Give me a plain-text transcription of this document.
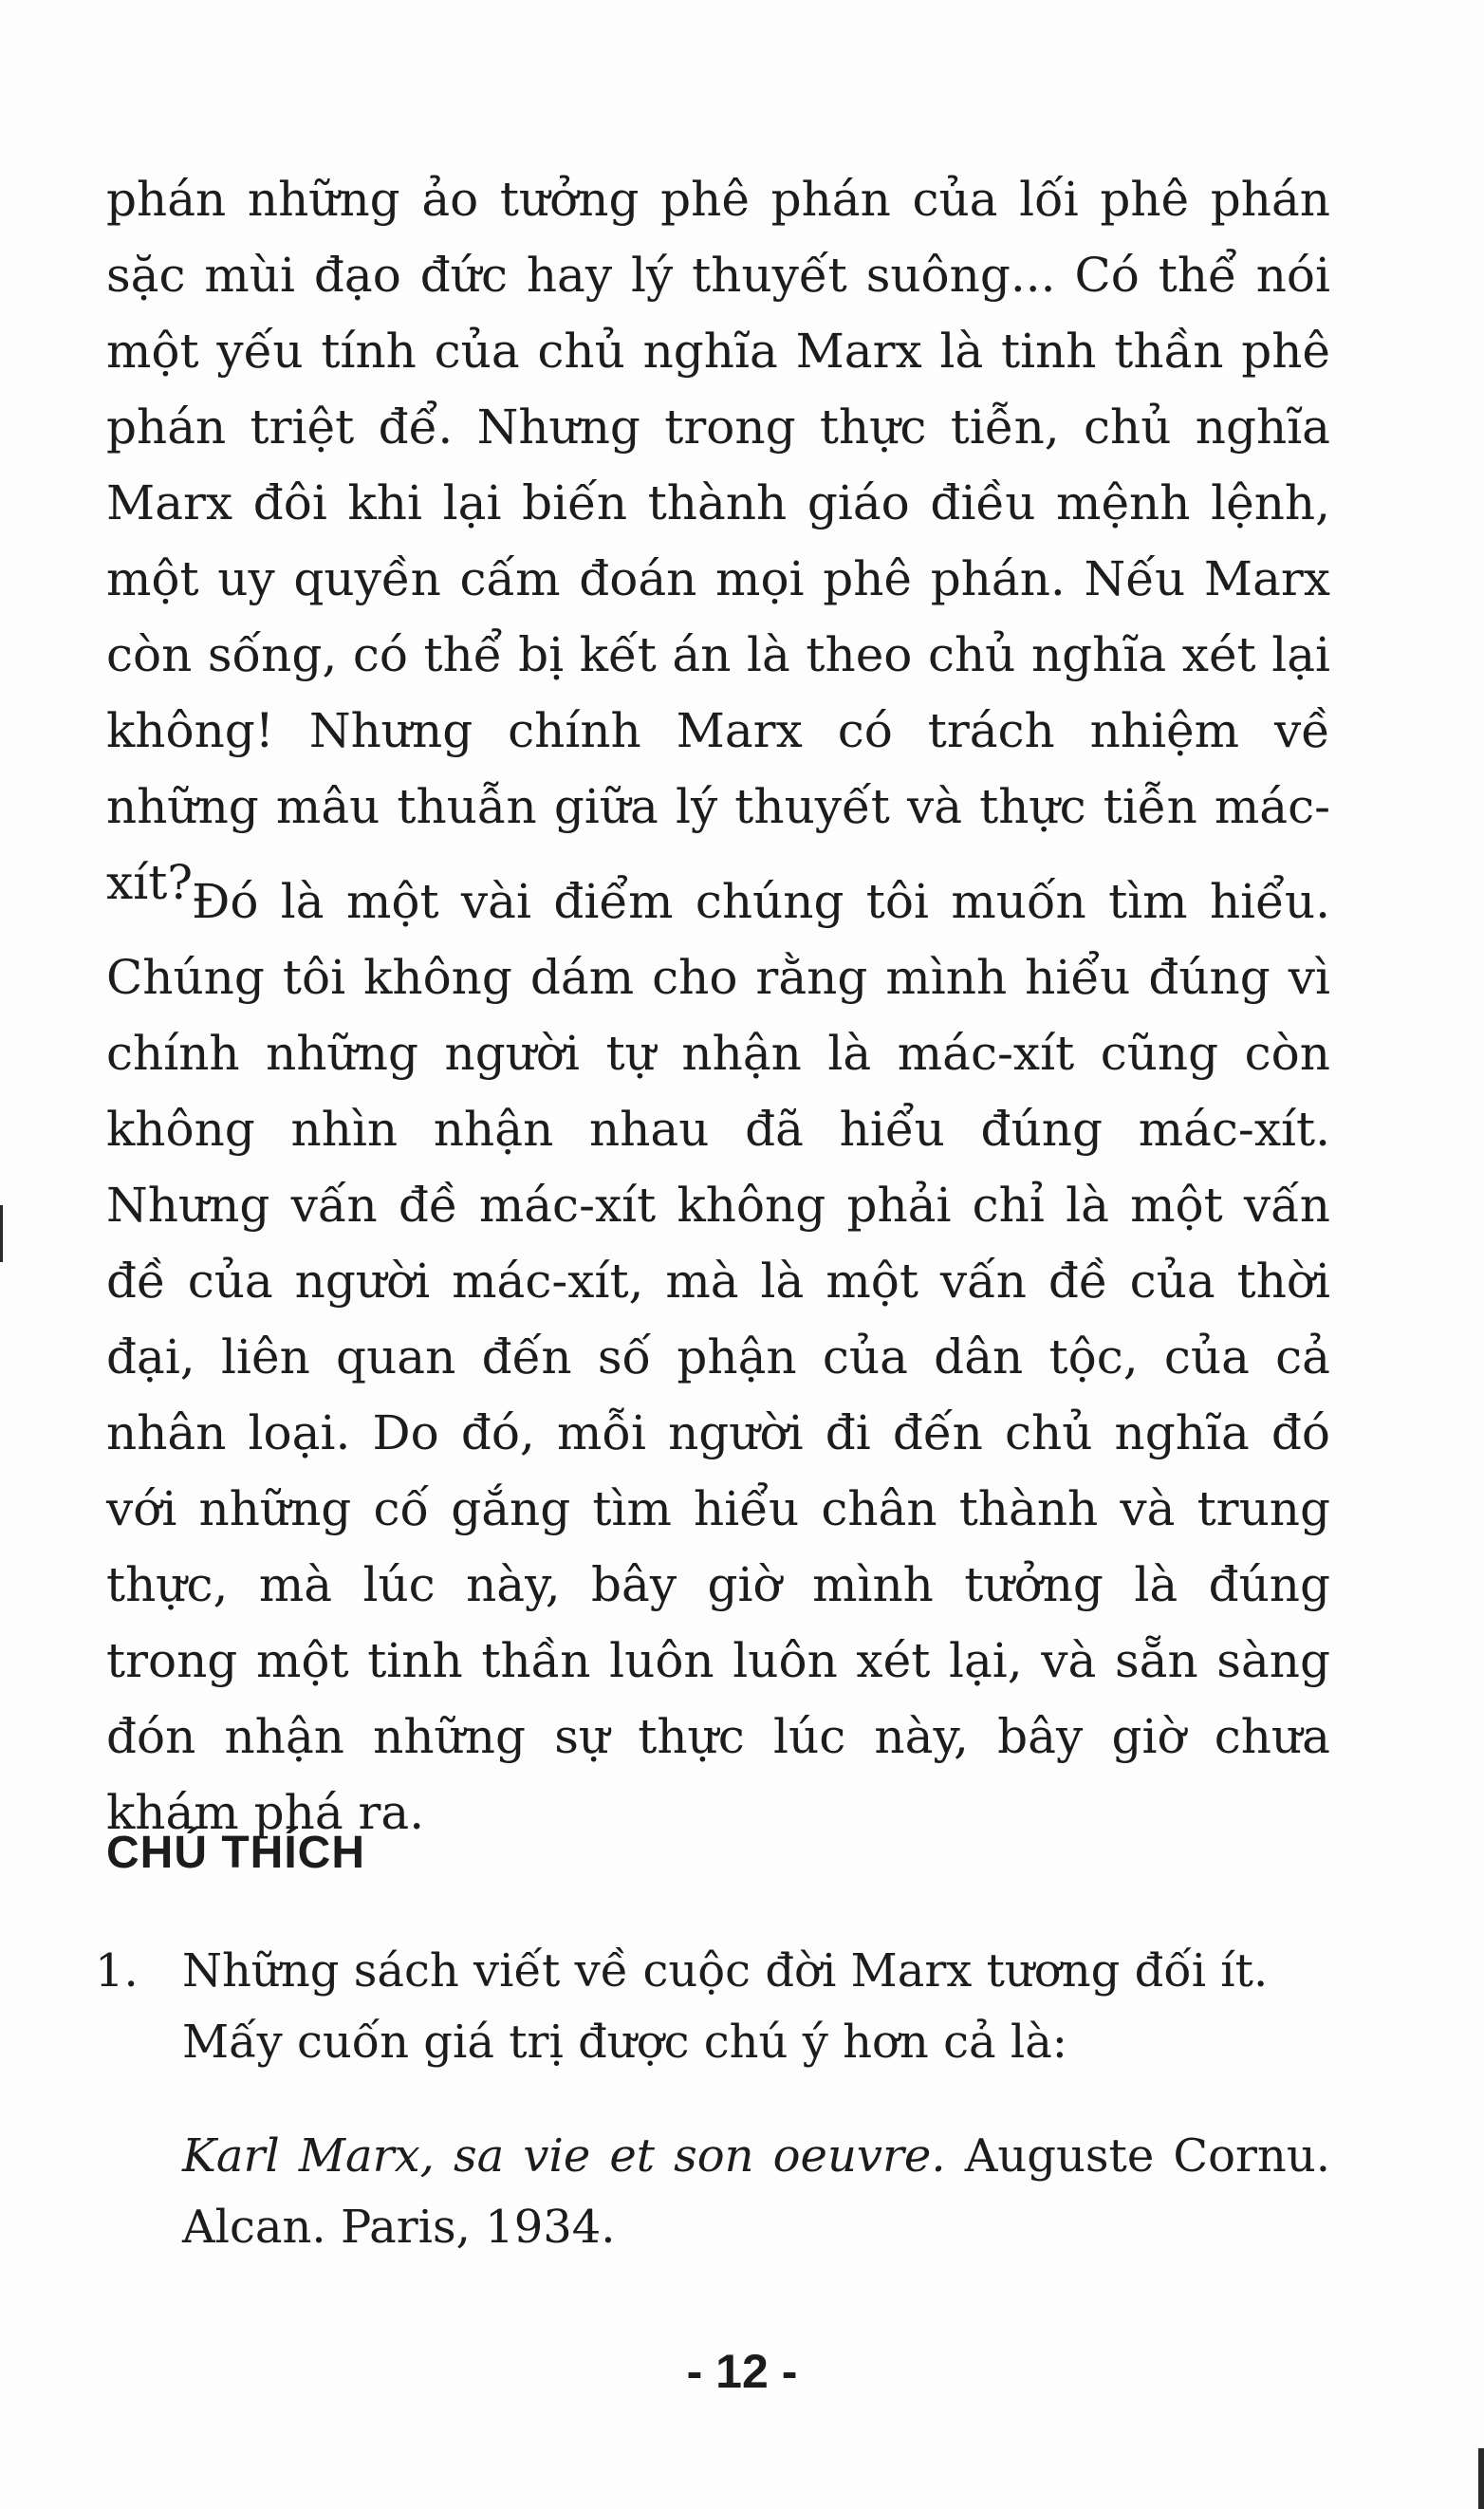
phán những ảo tưởng phê phán của lối phê phán sặc mùi đạo đức hay lý thuyết suông... Có thể nói một yếu tính của chủ nghĩa Marx là tinh thần phê phán triệt để. Nhưng trong thực tiễn, chủ nghĩa Marx đôi khi lại biến thành giáo điều mệnh lệnh, một uy quyền cấm đoán mọi phê phán. Nếu Marx còn sống, có thể bị kết án là theo chủ nghĩa xét lại không! Nhưng chính Marx có trách nhiệm về những mâu thuẫn giữa lý thuyết và thực tiễn mác-xít?

Đó là một vài điểm chúng tôi muốn tìm hiểu. Chúng tôi không dám cho rằng mình hiểu đúng vì chính những người tự nhận là mác-xít cũng còn không nhìn nhận nhau đã hiểu đúng mác-xít. Nhưng vấn đề mác-xít không phải chỉ là một vấn đề của người mác-xít, mà là một vấn đề của thời đại, liên quan đến số phận của dân tộc, của cả nhân loại. Do đó, mỗi người đi đến chủ nghĩa đó với những cố gắng tìm hiểu chân thành và trung thực, mà lúc này, bây giờ mình tưởng là đúng trong một tinh thần luôn luôn xét lại, và sẵn sàng đón nhận những sự thực lúc này, bây giờ chưa khám phá ra.

CHÚ THÍCH
1. Những sách viết về cuộc đời Marx tương đối ít. Mấy cuốn giá trị được chú ý hơn cả là:
Karl Marx, sa vie et son oeuvre. Auguste Cornu. Alcan. Paris, 1934.
- 12 -
